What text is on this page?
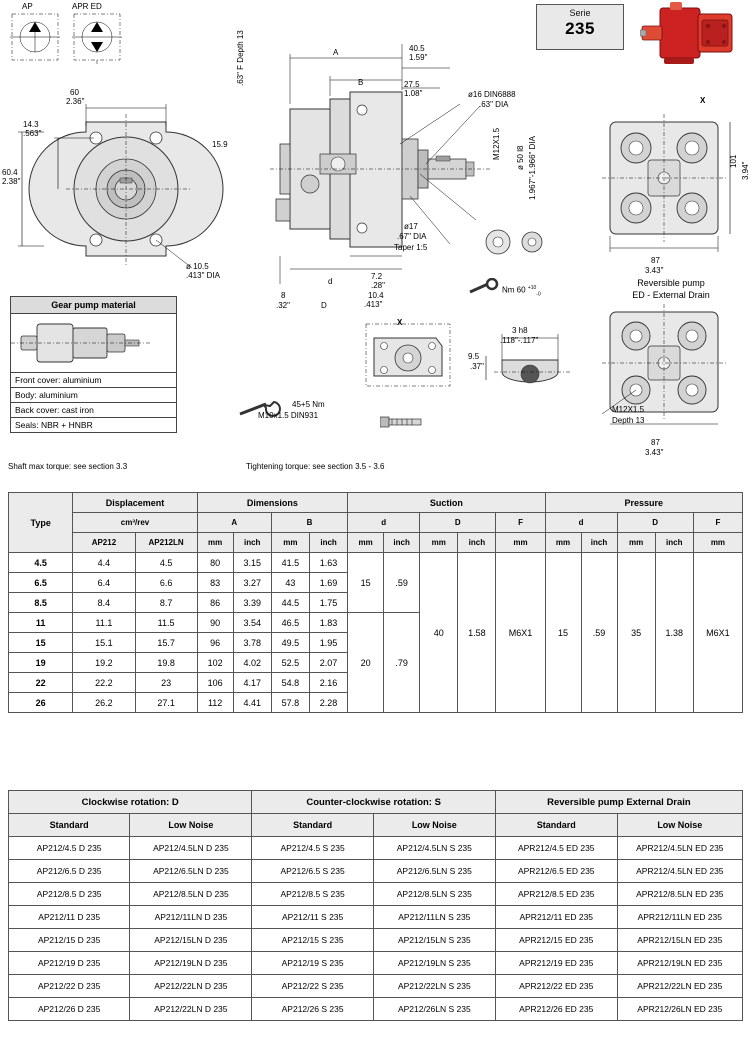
AP	APR ED
Serie
235
60
2.36"
14.3
.563"
60.4
2.38"
ø 10.5
.413" DIA
A
B
40.5
1.59"
27.5
1.08"
15.9
.63" F Depth 13
ø16 DIN6888
.63" DIA
M12X1.5 ø 50 l8 1.967"-1.966" DIA
ø17
.67" DIA
Taper 1:5
d
D
7.2
.28"
10.4
.413"
8
.32"
X
Nm 60 $^{+10}_{-0}$
45+5 Nm
M10x1.5 DIN931
3 h8
.118"-.117"
9.5
.37"
X
101
3.94"
87
3.43"
Reversible pump
ED - External Drain
M12X1.5
Depth 13
87
3.43"
Gear pump material
Front cover: aluminium
Body: aluminium
Back cover: cast iron
Seals: NBR + HNBR
Shaft max torque: see section 3.3	Tightening torque: see section 3.5 - 3.6
Type	Displacement		Dimensions				Suction					Pressure				
	cm³/rev		A		B		d		D		F	d		D		F
	AP212	AP212LN	mm	inch	mm	inch	mm	inch	mm	inch	mm	mm	inch	mm	inch	mm
4.5	4.4	4.5	80	3.15	41.5	1.63	15	.59	40	1.58	M6X1	15	.59	35	1.38	M6X1
6.5	6.4	6.6	83	3.27	43	1.69										
8.5	8.4	8.7	86	3.39	44.5	1.75										
11	11.1	11.5	90	3.54	46.5	1.83	20	.79								
15	15.1	15.7	96	3.78	49.5	1.95										
19	19.2	19.8	102	4.02	52.5	2.07										
22	22.2	23	106	4.17	54.8	2.16										
26	26.2	27.1	112	4.41	57.8	2.28										
Clockwise rotation: D		Counter-clockwise rotation: S		Reversible pump External Drain	
Standard	Low Noise	Standard	Low Noise	Standard	Low Noise
AP212/4.5 D 235	AP212/4.5LN D 235	AP212/4.5 S 235	AP212/4.5LN S 235	APR212/4.5 ED 235	APR212/4.5LN ED 235
AP212/6.5 D 235	AP212/6.5LN D 235	AP212/6.5 S 235	AP212/6.5LN S 235	APR212/6.5 ED 235	APR212/4.5LN ED 235
AP212/8.5 D 235	AP212/8.5LN D 235	AP212/8.5 S 235	AP212/8.5LN S 235	APR212/8.5 ED 235	APR212/8.5LN ED 235
AP212/11 D 235	AP212/11LN D 235	AP212/11 S 235	AP212/11LN S 235	APR212/11 ED 235	APR212/11LN ED 235
AP212/15 D 235	AP212/15LN D 235	AP212/15 S 235	AP212/15LN S 235	APR212/15 ED 235	APR212/15LN ED 235
AP212/19 D 235	AP212/19LN D 235	AP212/19 S 235	AP212/19LN S 235	APR212/19 ED 235	APR212/19LN ED 235
AP212/22 D 235	AP212/22LN D 235	AP212/22 S 235	AP212/22LN S 235	APR212/22 ED 235	APR212/22LN ED 235
AP212/26 D 235	AP212/22LN D 235	AP212/26 S 235	AP212/26LN S 235	APR212/26 ED 235	APR212/26LN ED 235
